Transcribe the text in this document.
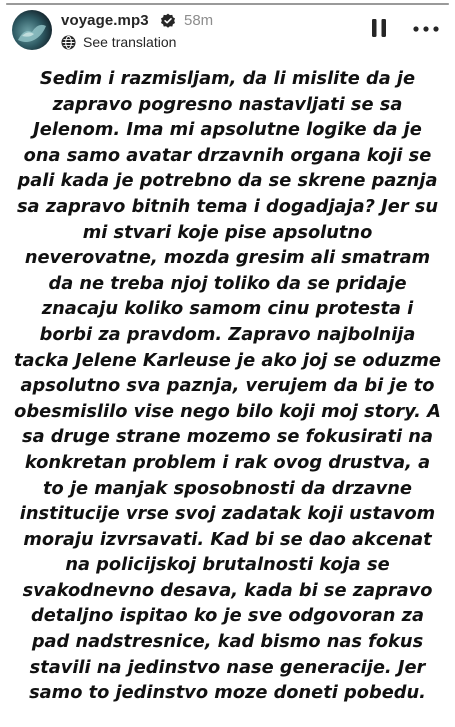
voyage.mp3 58m
See translation

Sedim i razmisljam, da li mislite da je zapravo pogresno nastavljati se sa Jelenom. Ima mi apsolutne logike da je ona samo avatar drzavnih organa koji se pali kada je potrebno da se skrene paznja sa zapravo bitnih tema i dogadjaja? Jer su mi stvari koje pise apsolutno neverovatne, mozda gresim ali smatram da ne treba njoj toliko da se pridaje znacaju koliko samom cinu protesta i borbi za pravdom. Zapravo najbolnija tacka Jelene Karleuse je ako joj se oduzme apsolutno sva paznja, verujem da bi je to obesmislilo vise nego bilo koji moj story. A sa druge strane mozemo se fokusirati na konkretan problem i rak ovog drustva, a to je manjak sposobnosti da drzavne institucije vrse svoj zadatak koji ustavom moraju izvrsavati. Kad bi se dao akcenat na policijskoj brutalnosti koja se svakodnevno desava, kada bi se zapravo detaljno ispitao ko je sve odgovoran za pad nadstresnice, kad bismo nas fokus stavili na jedinstvo nase generacije. Jer samo to jedinstvo moze doneti pobedu.
